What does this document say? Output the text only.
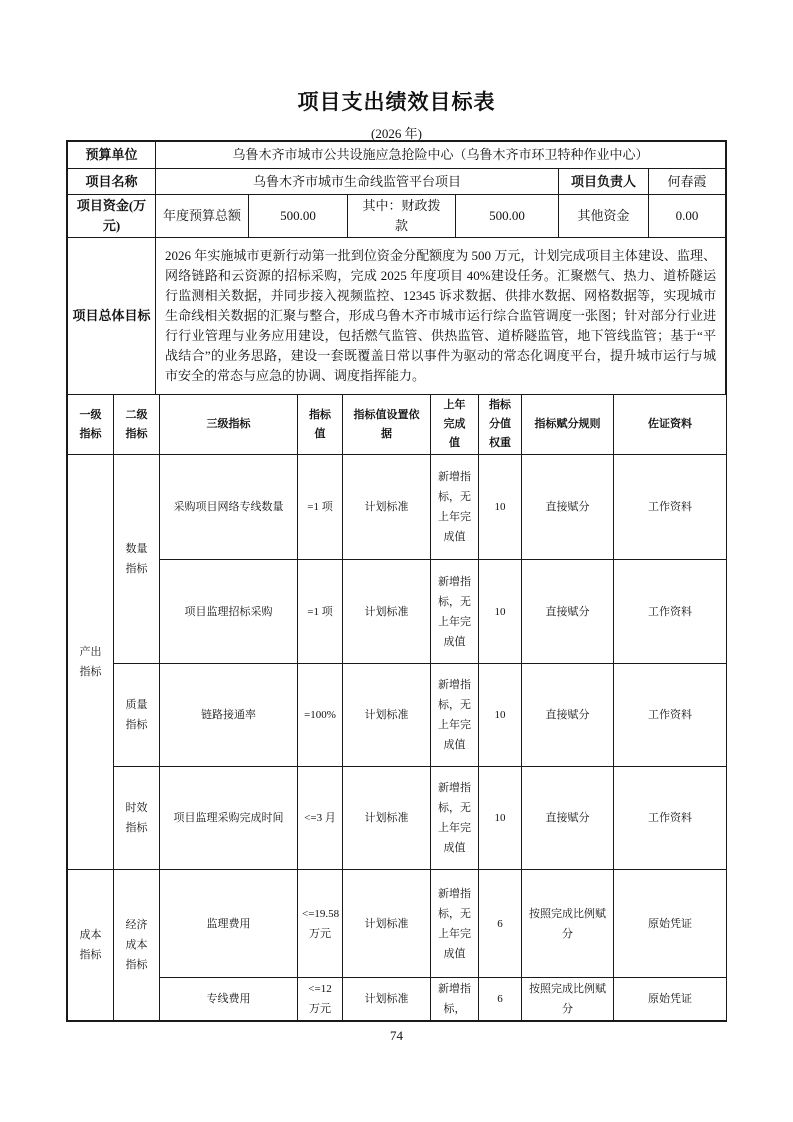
项目支出绩效目标表
(2026 年)
预算单位	乌鲁木齐市城市公共设施应急抢险中心（乌鲁木齐市环卫特种作业中心）					
项目名称	乌鲁木齐市城市生命线监管平台项目				项目负责人	何春霞
项目资金(万元)	年度预算总额	500.00	其中：财政拨款	500.00	其他资金	0.00
项目总体目标	2026 年实施城市更新行动第一批到位资金分配额度为 500 万元，计划完成项目主体建设、监理、网络链路和云资源的招标采购，完成 2025 年度项目 40%建设任务。汇聚燃气、热力、道桥隧运行监测相关数据，并同步接入视频监控、12345 诉求数据、供排水数据、网格数据等，实现城市生命线相关数据的汇聚与整合，形成乌鲁木齐市城市运行综合监管调度一张图；针对部分行业进行行业管理与业务应用建设，包括燃气监管、供热监管、道桥隧监管，地下管线监管；基于“平战结合”的业务思路，建设一套既覆盖日常以事件为驱动的常态化调度平台，提升城市运行与城市安全的常态与应急的协调、调度指挥能力。					
一级指标	二级指标	三级指标	指标值	指标值设置依据	上年完成值	指标分值权重	指标赋分规则	佐证资料
产出指标	数量指标	采购项目网络专线数量	=1 项	计划标准	新增指标，无上年完成值	10	直接赋分	工作资料
		项目监理招标采购	=1 项	计划标准	新增指标，无上年完成值	10	直接赋分	工作资料
	质量指标	链路接通率	=100%	计划标准	新增指标，无上年完成值	10	直接赋分	工作资料
	时效指标	项目监理采购完成时间	<=3 月	计划标准	新增指标，无上年完成值	10	直接赋分	工作资料
成本指标	经济成本指标	监理费用	<=19.58 万元	计划标准	新增指标，无上年完成值	6	按照完成比例赋分	原始凭证
		专线费用	<=12 万元	计划标准	新增指标，	6	按照完成比例赋分	原始凭证
74
